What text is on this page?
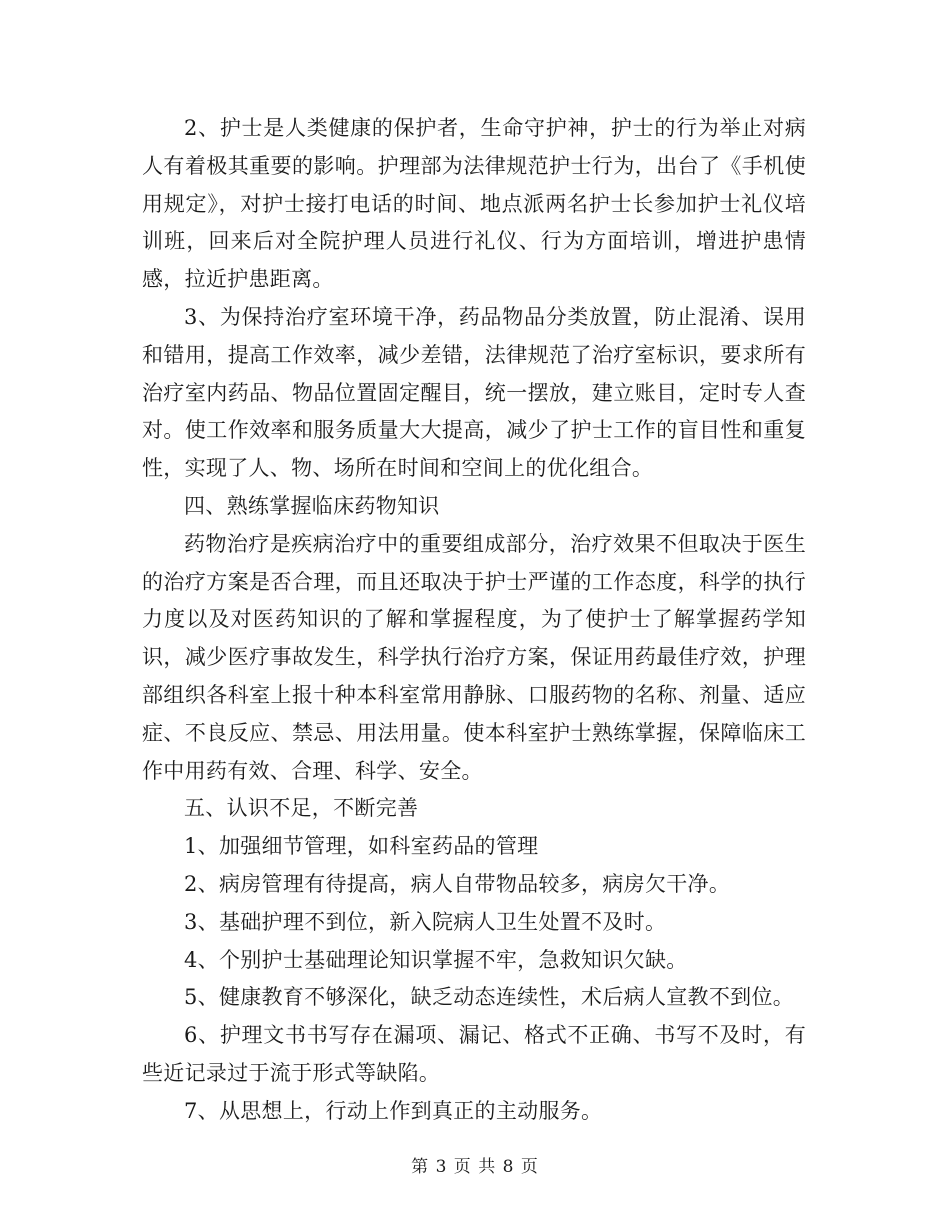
2、护士是人类健康的保护者，生命守护神，护士的行为举止对病人有着极其重要的影响。护理部为法律规范护士行为，出台了《手机使用规定》，对护士接打电话的时间、地点派两名护士长参加护士礼仪培训班，回来后对全院护理人员进行礼仪、行为方面培训，增进护患情感，拉近护患距离。

3、为保持治疗室环境干净，药品物品分类放置，防止混淆、误用和错用，提高工作效率，减少差错，法律规范了治疗室标识，要求所有治疗室内药品、物品位置固定醒目，统一摆放，建立账目，定时专人查对。使工作效率和服务质量大大提高，减少了护士工作的盲目性和重复性，实现了人、物、场所在时间和空间上的优化组合。

四、熟练掌握临床药物知识

药物治疗是疾病治疗中的重要组成部分，治疗效果不但取决于医生的治疗方案是否合理，而且还取决于护士严谨的工作态度，科学的执行力度以及对医药知识的了解和掌握程度，为了使护士了解掌握药学知识，减少医疗事故发生，科学执行治疗方案，保证用药最佳疗效，护理部组织各科室上报十种本科室常用静脉、口服药物的名称、剂量、适应症、不良反应、禁忌、用法用量。使本科室护士熟练掌握，保障临床工作中用药有效、合理、科学、安全。

五、认识不足，不断完善

1、加强细节管理，如科室药品的管理

2、病房管理有待提高，病人自带物品较多，病房欠干净。

3、基础护理不到位，新入院病人卫生处置不及时。

4、个别护士基础理论知识掌握不牢，急救知识欠缺。

5、健康教育不够深化，缺乏动态连续性，术后病人宣教不到位。

6、护理文书书写存在漏项、漏记、格式不正确、书写不及时，有些近记录过于流于形式等缺陷。

7、从思想上，行动上作到真正的主动服务。

第 3 页 共 8 页
